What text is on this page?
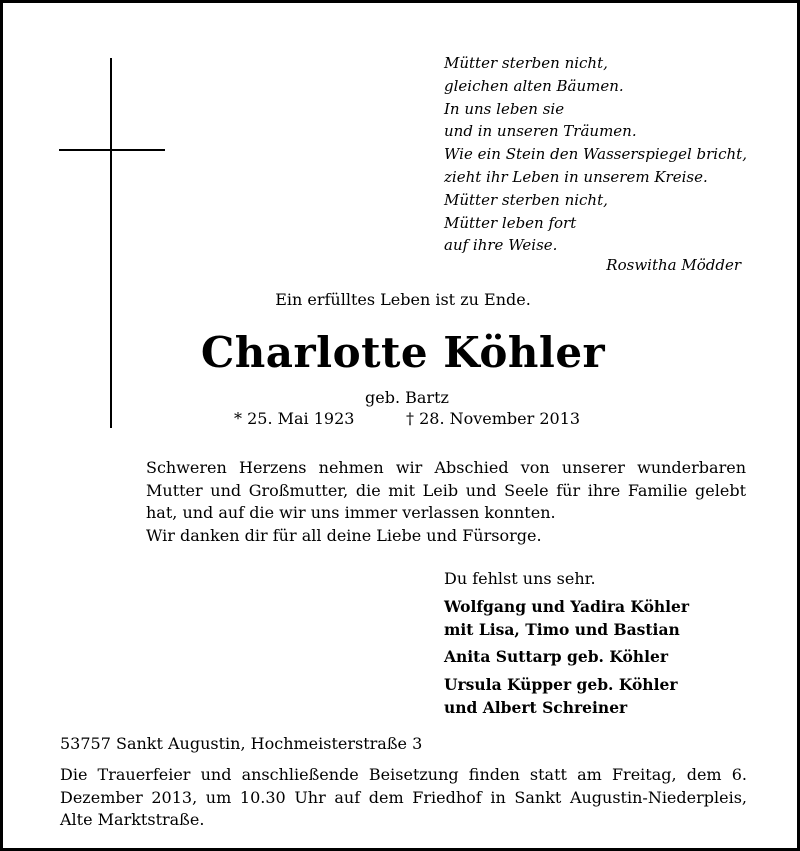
Mütter sterben nicht,
gleichen alten Bäumen.
In uns leben sie
und in unseren Träumen.
Wie ein Stein den Wasserspiegel bricht,
zieht ihr Leben in unserem Kreise.
Mütter sterben nicht,
Mütter leben fort
auf ihre Weise.
Roswitha Mödder
Ein erfülltes Leben ist zu Ende.
Charlotte Köhler
geb. Bartz
* 25. Mai 1923	† 28. November 2013

Schweren Herzens nehmen wir Abschied von unserer wunderbaren Mutter und Großmutter, die mit Leib und Seele für ihre Familie gelebt hat, und auf die wir uns immer verlassen konnten.

Wir danken dir für all deine Liebe und Fürsorge.

Du fehlst uns sehr.
Wolfgang und Yadira Köhler
mit Lisa, Timo und Bastian
Anita Suttarp geb. Köhler
Ursula Küpper geb. Köhler
und Albert Schreiner
53757 Sankt Augustin, Hochmeisterstraße 3
Die Trauerfeier und anschließende Beisetzung finden statt am Freitag, dem 6. Dezember 2013, um 10.30 Uhr auf dem Friedhof in Sankt Augustin-Niederpleis, Alte Marktstraße.
